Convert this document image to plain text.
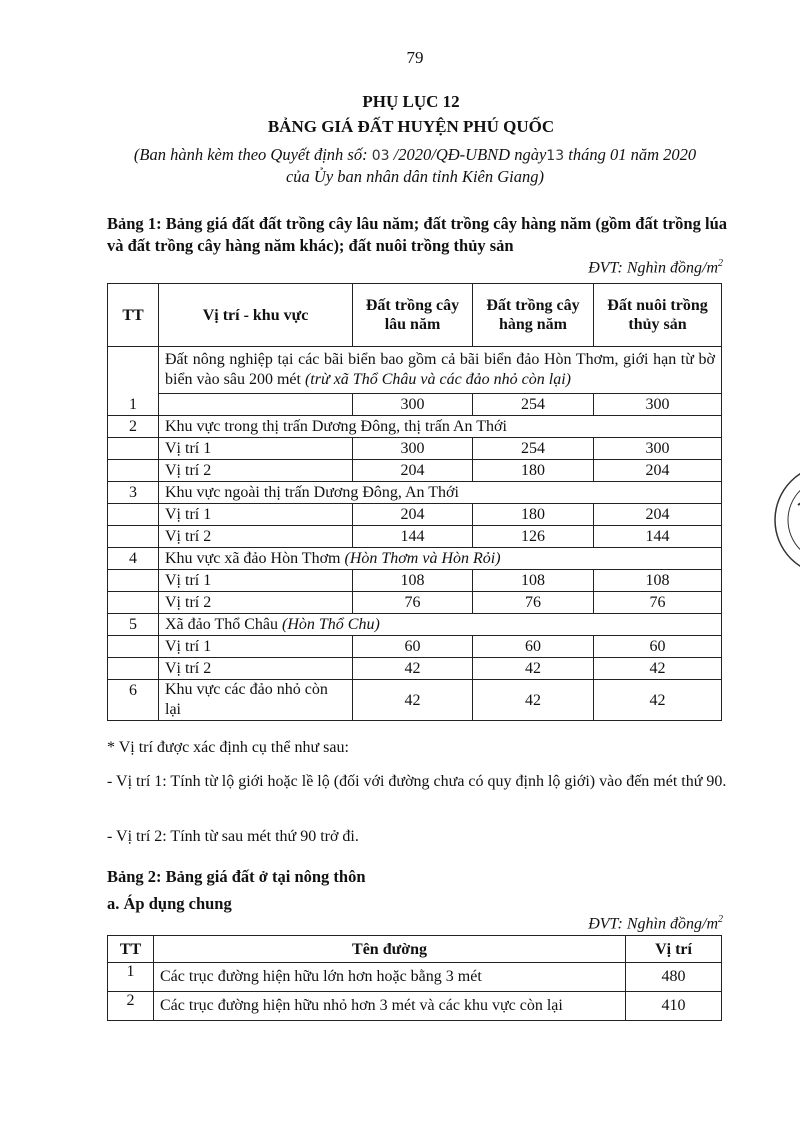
79
PHỤ LỤC 12
BẢNG GIÁ ĐẤT HUYỆN PHÚ QUỐC
(Ban hành kèm theo Quyết định số: 03 /2020/QĐ-UBND ngày13 tháng 01 năm 2020
của Ủy ban nhân dân tỉnh Kiên Giang)
Bảng 1: Bảng giá đất đất trồng cây lâu năm; đất trồng cây hàng năm (gồm đất trồng lúa và đất trồng cây hàng năm khác); đất nuôi trồng thủy sản
ĐVT: Nghìn đồng/$m^2$
TT	Vị trí - khu vực	Đất trồng cây lâu năm	Đất trồng cây hàng năm	Đất nuôi trồng thủy sản
1	Đất nông nghiệp tại các bãi biển bao gồm cả bãi biển đảo Hòn Thơm, giới hạn từ bờ biển vào sâu 200 mét (trừ xã Thổ Châu và các đảo nhỏ còn lại)			
		300	254	300
2	Khu vực trong thị trấn Dương Đông, thị trấn An Thới			
	Vị trí 1	300	254	300
	Vị trí 2	204	180	204
3	Khu vực ngoài thị trấn Dương Đông, An Thới			
	Vị trí 1	204	180	204
	Vị trí 2	144	126	144
4	Khu vực xã đảo Hòn Thơm (Hòn Thơm và Hòn Rỏi)			
	Vị trí 1	108	108	108
	Vị trí 2	76	76	76
5	Xã đảo Thổ Châu (Hòn Thổ Chu)			
	Vị trí 1	60	60	60
	Vị trí 2	42	42	42
6	Khu vực các đảo nhỏ còn lại	42	42	42
* Vị trí được xác định cụ thể như sau:
- Vị trí 1: Tính từ lộ giới hoặc lề lộ (đối với đường chưa có quy định lộ giới) vào đến mét thứ 90.
- Vị trí 2: Tính từ sau mét thứ 90 trở đi.
Bảng 2: Bảng giá đất ở tại nông thôn
a. Áp dụng chung
ĐVT: Nghìn đồng/$m^2$
TT	Tên đường	Vị trí
1	Các trục đường hiện hữu lớn hơn hoặc bằng 3 mét	480
2	Các trục đường hiện hữu nhỏ hơn 3 mét và các khu vực còn lại	410
